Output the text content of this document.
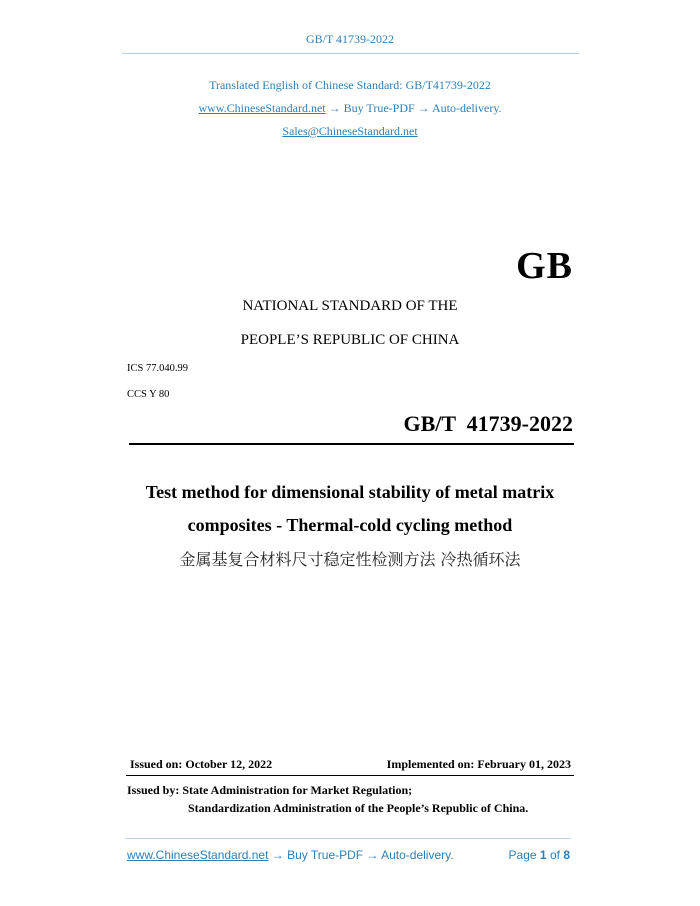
GB/T 41739-2022
Translated English of Chinese Standard: GB/T41739-2022
www.ChineseStandard.net → Buy True-PDF → Auto-delivery.
Sales@ChineseStandard.net
GB
NATIONAL STANDARD OF THE
PEOPLE’S REPUBLIC OF CHINA
ICS 77.040.99
CCS Y 80
GB/T  41739-2022
Test method for dimensional stability of metal matrix
composites - Thermal-cold cycling method
金属基复合材料尺寸稳定性检测方法 冷热循环法
Issued on: October 12, 2022	Implemented on: February 01, 2023
Issued by: State Administration for Market Regulation;
Standardization Administration of the People’s Republic of China.
www.ChineseStandard.net → Buy True-PDF → Auto-delivery.	Page 1 of 8
